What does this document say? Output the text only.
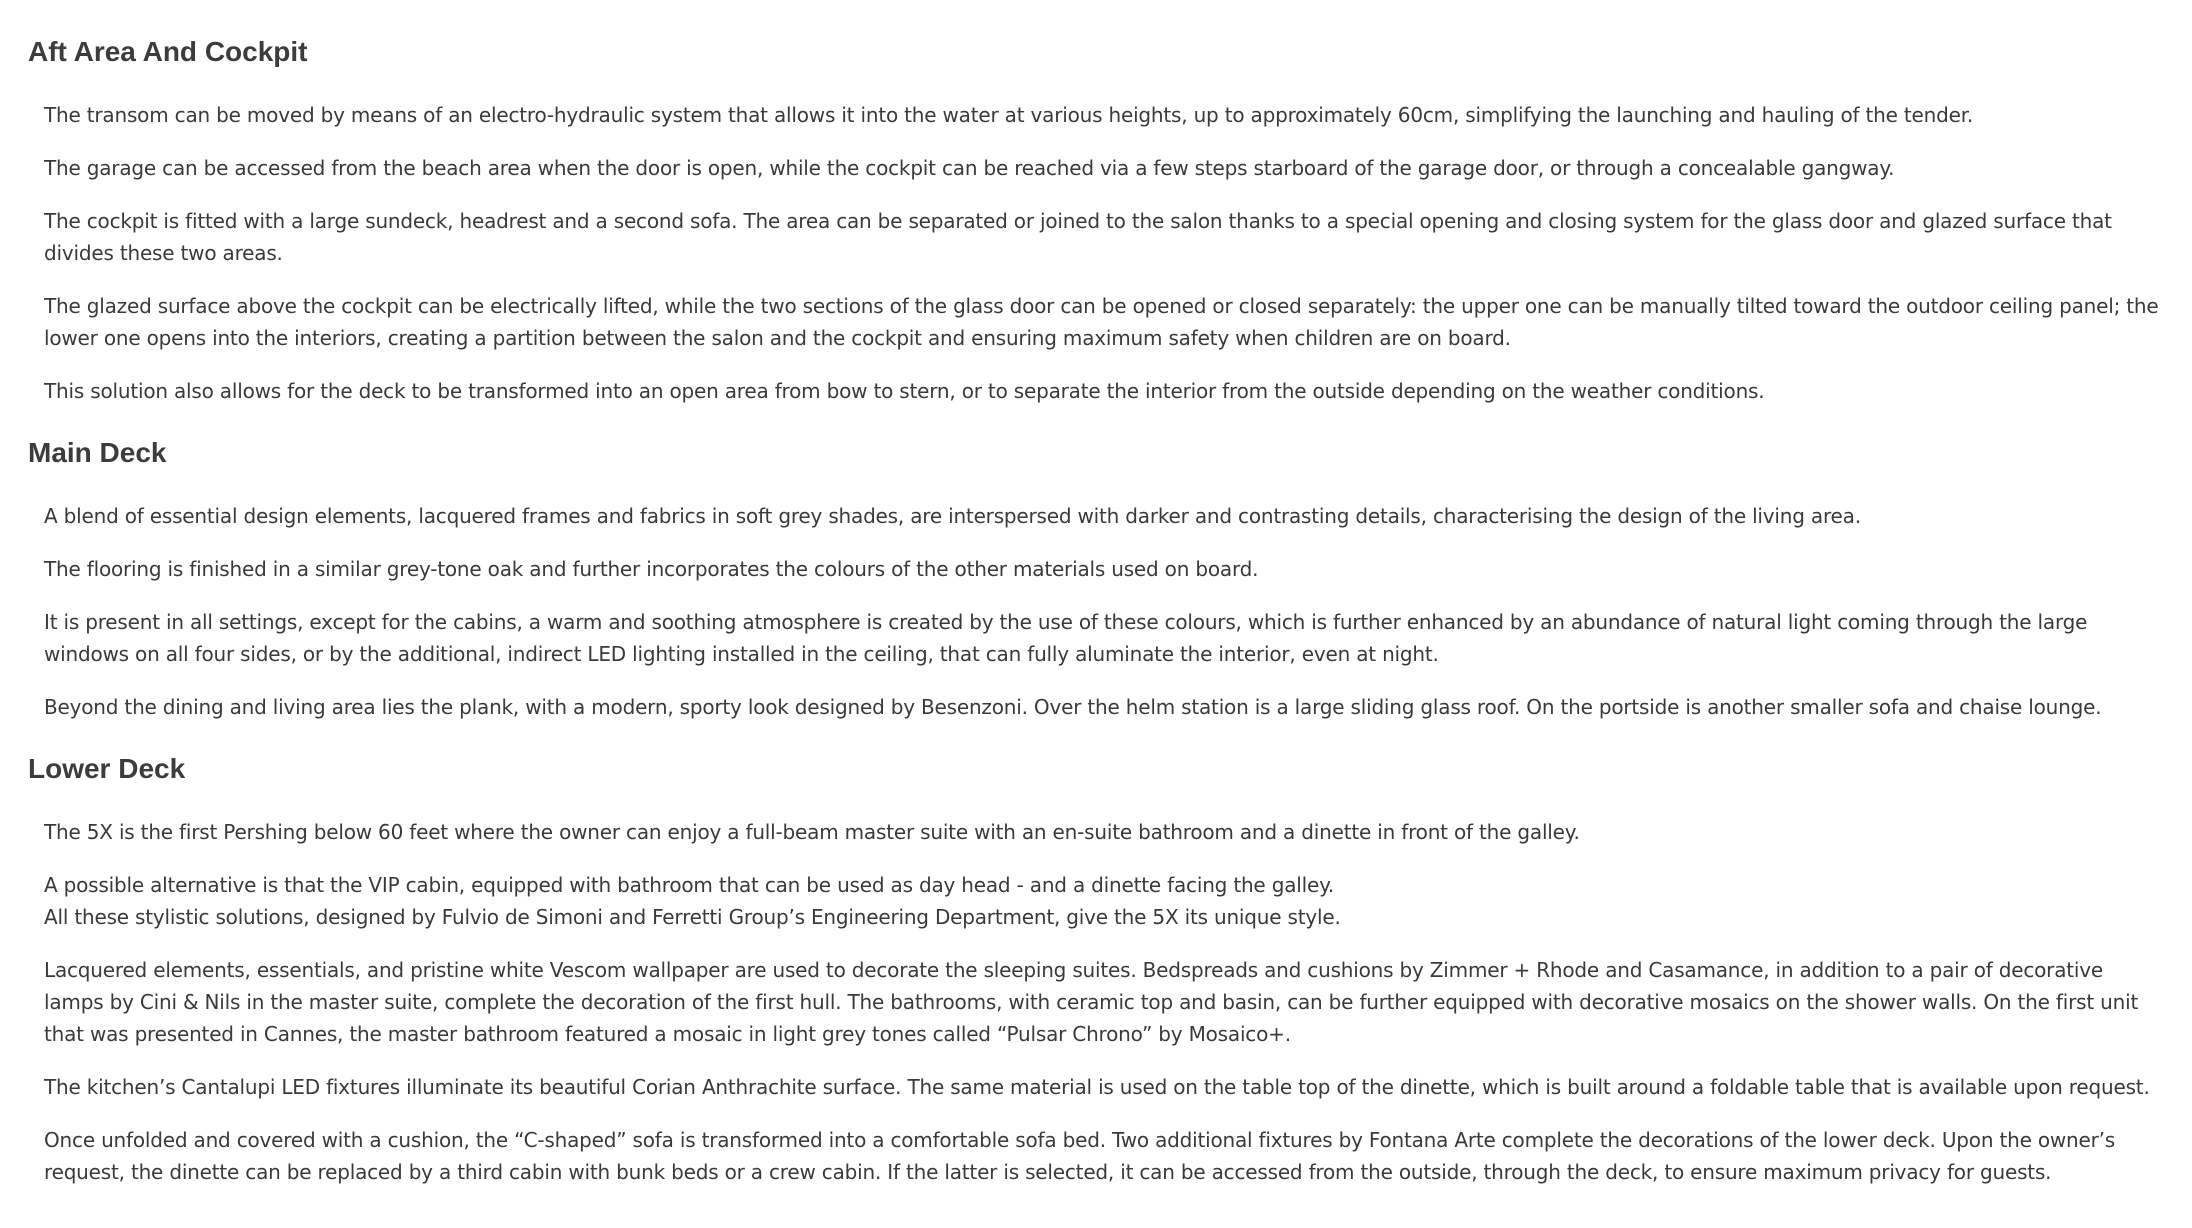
Aft Area And Cockpit

The transom can be moved by means of an electro-hydraulic system that allows it into the water at various heights, up to approximately 60cm, simplifying the launching and hauling of the tender.

The garage can be accessed from the beach area when the door is open, while the cockpit can be reached via a few steps starboard of the garage door, or through a concealable gangway.

The cockpit is fitted with a large sundeck, headrest and a second sofa. The area can be separated or joined to the salon thanks to a special opening and closing system for the glass door and glazed surface that divides these two areas.

The glazed surface above the cockpit can be electrically lifted, while the two sections of the glass door can be opened or closed separately: the upper one can be manually tilted toward the outdoor ceiling panel; the lower one opens into the interiors, creating a partition between the salon and the cockpit and ensuring maximum safety when children are on board.

This solution also allows for the deck to be transformed into an open area from bow to stern, or to separate the interior from the outside depending on the weather conditions.

Main Deck

A blend of essential design elements, lacquered frames and fabrics in soft grey shades, are interspersed with darker and contrasting details, characterising the design of the living area.

The flooring is finished in a similar grey-tone oak and further incorporates the colours of the other materials used on board.

It is present in all settings, except for the cabins, a warm and soothing atmosphere is created by the use of these colours, which is further enhanced by an abundance of natural light coming through the large windows on all four sides, or by the additional, indirect LED lighting installed in the ceiling, that can fully aluminate the interior, even at night.

Beyond the dining and living area lies the plank, with a modern, sporty look designed by Besenzoni. Over the helm station is a large sliding glass roof. On the portside is another smaller sofa and chaise lounge.

Lower Deck

The 5X is the first Pershing below 60 feet where the owner can enjoy a full-beam master suite with an en-suite bathroom and a dinette in front of the galley.

A possible alternative is that the VIP cabin, equipped with bathroom that can be used as day head - and a dinette facing the galley.
All these stylistic solutions, designed by Fulvio de Simoni and Ferretti Group’s Engineering Department, give the 5X its unique style.

Lacquered elements, essentials, and pristine white Vescom wallpaper are used to decorate the sleeping suites. Bedspreads and cushions by Zimmer + Rhode and Casamance, in addition to a pair of decorative lamps by Cini & Nils in the master suite, complete the decoration of the first hull. The bathrooms, with ceramic top and basin, can be further equipped with decorative mosaics on the shower walls. On the first unit that was presented in Cannes, the master bathroom featured a mosaic in light grey tones called “Pulsar Chrono” by Mosaico+.

The kitchen’s Cantalupi LED fixtures illuminate its beautiful Corian Anthrachite surface. The same material is used on the table top of the dinette, which is built around a foldable table that is available upon request.

Once unfolded and covered with a cushion, the “C-shaped” sofa is transformed into a comfortable sofa bed. Two additional fixtures by Fontana Arte complete the decorations of the lower deck. Upon the owner’s request, the dinette can be replaced by a third cabin with bunk beds or a crew cabin. If the latter is selected, it can be accessed from the outside, through the deck, to ensure maximum privacy for guests.
